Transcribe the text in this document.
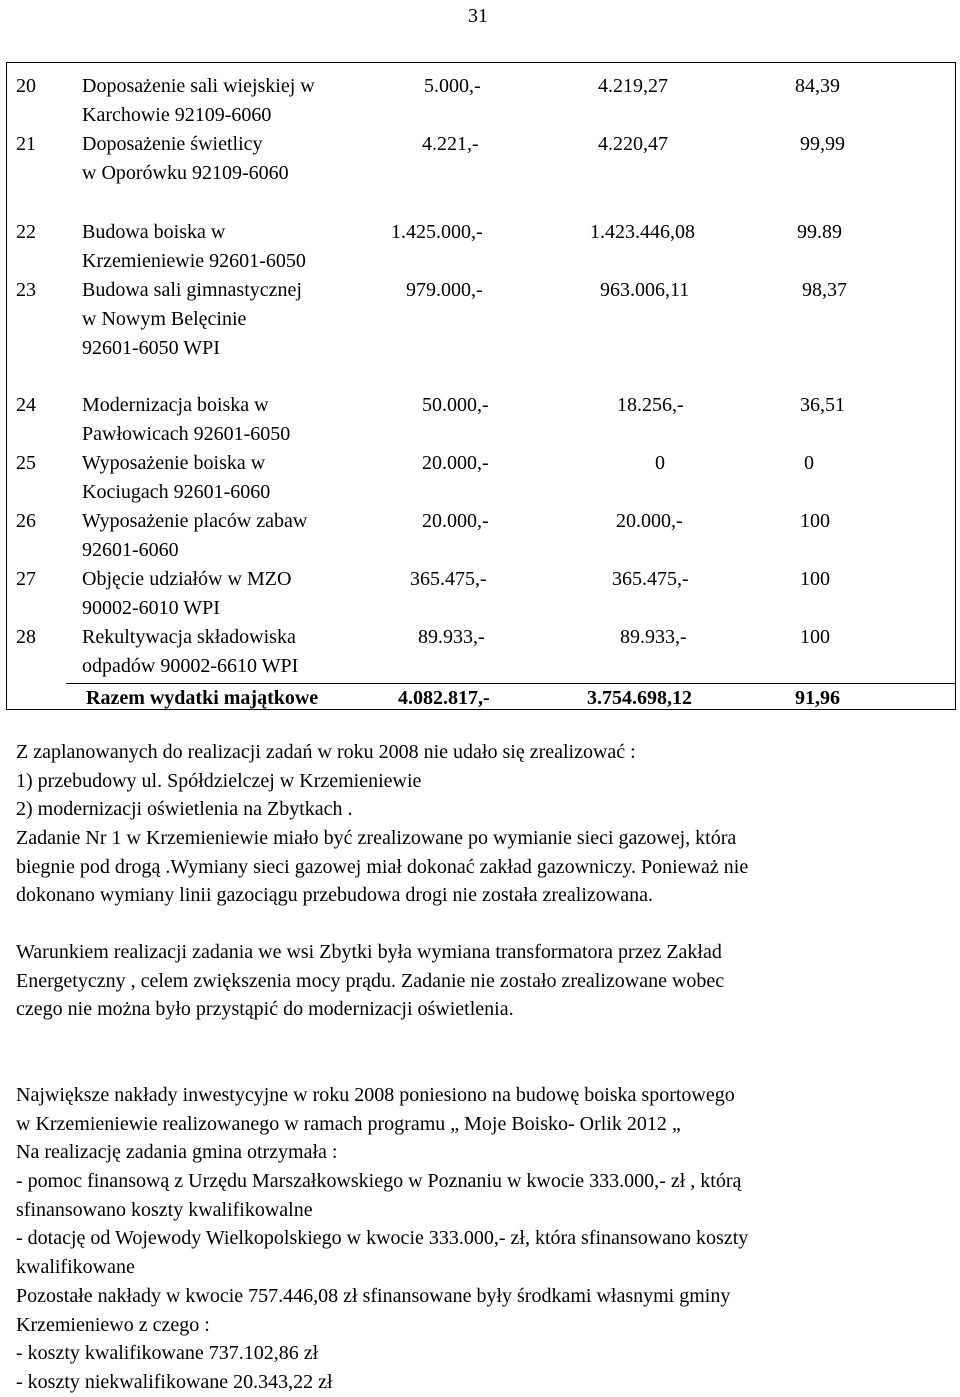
31
20 Doposażenie sali wiejskiej w
Karchowie 92109-6060
5.000,-	4.219,27	84,39
21 Doposażenie świetlicy
w Oporówku 92109-6060
4.221,-	4.220,47	99,99
22 Budowa boiska w
Krzemieniewie 92601-6050
1.425.000,-	1.423.446,08	99.89
23 Budowa sali gimnastycznej
w Nowym Belęcinie
92601-6050 WPI
979.000,-	963.006,11	98,37
24 Modernizacja boiska w
Pawłowicach 92601-6050
50.000,-	18.256,-	36,51
25 Wyposażenie boiska w
Kociugach 92601-6060
20.000,-	0	0
26 Wyposażenie placów zabaw
92601-6060
20.000,-	20.000,-	100
27 Objęcie udziałów w MZO
90002-6010 WPI
365.475,-	365.475,-	100
28 Rekultywacja składowiska
odpadów 90002-6610 WPI
89.933,-	89.933,-	100
Razem wydatki majątkowe	4.082.817,-	3.754.698,12	91,96
Z zaplanowanych do realizacji zadań w roku 2008 nie udało się zrealizować :
1) przebudowy ul. Spółdzielczej w Krzemieniewie
2) modernizacji oświetlenia na Zbytkach .
Zadanie Nr 1 w Krzemieniewie miało być zrealizowane po wymianie sieci gazowej, która
biegnie pod drogą .Wymiany sieci gazowej miał dokonać zakład gazowniczy. Ponieważ nie
dokonano wymiany linii gazociągu przebudowa drogi nie została zrealizowana.
Warunkiem realizacji zadania we wsi Zbytki była wymiana transformatora przez Zakład
Energetyczny , celem zwiększenia mocy prądu. Zadanie nie zostało zrealizowane wobec
czego nie można było przystąpić do modernizacji oświetlenia.
Największe nakłady inwestycyjne w roku 2008 poniesiono na budowę boiska sportowego
w Krzemieniewie realizowanego w ramach programu „ Moje Boisko- Orlik 2012 „
Na realizację zadania gmina otrzymała :
- pomoc finansową z Urzędu Marszałkowskiego w Poznaniu w kwocie 333.000,- zł , którą
sfinansowano koszty kwalifikowalne
- dotację od Wojewody Wielkopolskiego w kwocie 333.000,- zł, która sfinansowano koszty
kwalifikowane
Pozostałe nakłady w kwocie 757.446,08 zł sfinansowane były środkami własnymi gminy
Krzemieniewo z czego :
- koszty kwalifikowane 737.102,86 zł
- koszty niekwalifikowane 20.343,22 zł
